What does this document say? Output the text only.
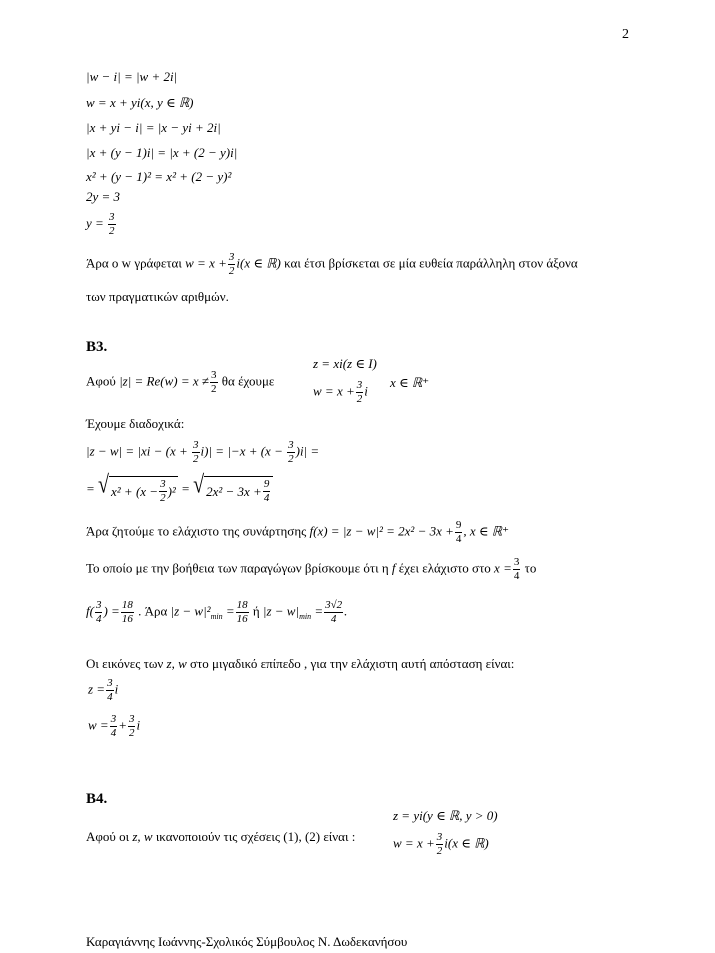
2
|w − i| = |w + 2i|
w = x + yi(x, y ∈ ℝ)
|x + yi − i| = |x − yi + 2i|
|x + (y − 1)i| = |x + (2 − y)i|
x² + (y − 1)² = x² + (2 − y)²
2y = 3
$y = \frac{3}{2}$
Άρα ο w γράφεται $w = x + \frac{3}{2} i(x$ ∈ ℝ) και έτσι βρίσκεται σε μία ευθεία παράλληλη στον άξονα
των πραγματικών αριθμών.
B3.
z = xi(z ∈ I)
Αφού $|z| = Re(w) = x \ne \frac{3}{2}$ θα έχουμε
$w = x + \frac{3}{2}$ i
x ∈ ℝ⁺
Έχουμε διαδοχικά:
$|z - w| = |xi - (x + \frac{3}{2} i)| = |-x + (x - \frac{3}{2} )i|$ =
= √ $x^2 + (x - \frac{3}{2} )^2$ = √ $2x^2 - 3x + \frac{9}{4}$
Άρα ζητούμε το ελάχιστο της συνάρτησης $f(x) = |z - w|^2 = 2x^2 - 3x + \frac{9}{4}$ , x ∈ ℝ⁺
Το οποίο με την βοήθεια των παραγώγων βρίσκουμε ότι η f έχει ελάχιστο στο $x = \frac{3}{4}$ το
$f( \frac{3}{4}$ ) = $\frac{18}{16}$ . Άρα $|z - w|^2_{min} = \frac{18}{16}$ ή $|z - w|_{min} = \frac{3√2}{4}$ .
Οι εικόνες των z, w στο μιγαδικό επίπεδο , για την ελάχιστη αυτή απόσταση είναι:
$z = \frac{3}{4}$ i
$w = \frac{3}{4} + \frac{3}{2}$ i
B4.
z = yi(y ∈ ℝ, y > 0)
Αφού οι z, w ικανοποιούν τις σχέσεις (1), (2) είναι :	$w = x + \frac{3}{2} i(x$ ∈ ℝ)
Καραγιάννης Ιωάννης-Σχολικός Σύμβουλος Ν. Δωδεκανήσου
